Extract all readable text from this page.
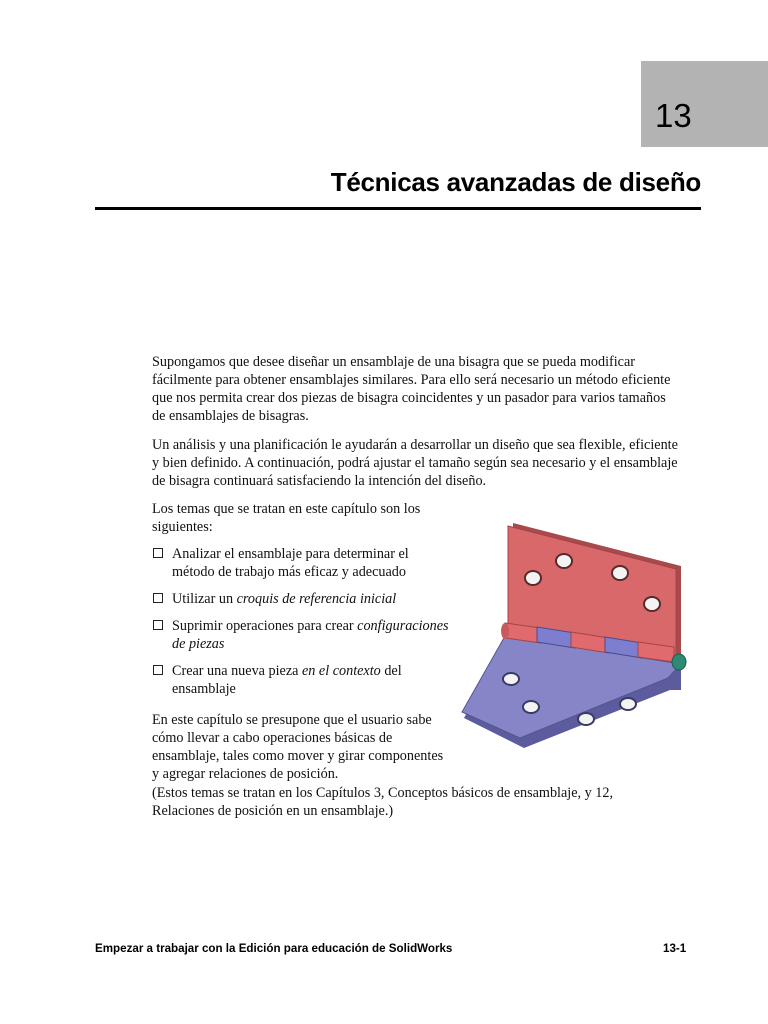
13
Técnicas avanzadas de diseño

Supongamos que desee diseñar un ensamblaje de una bisagra que se pueda modificar fácilmente para obtener ensamblajes similares. Para ello será necesario un método eficiente que nos permita crear dos piezas de bisagra coincidentes y un pasador para varios tamaños de ensamblajes de bisagras.

Un análisis y una planificación le ayudarán a desarrollar un diseño que sea flexible, eficiente y bien definido. A continuación, podrá ajustar el tamaño según sea necesario y el ensamblaje de bisagra continuará satisfaciendo la intención del diseño.

Los temas que se tratan en este capítulo son los siguientes:

Analizar el ensamblaje para determinar el método de trabajo más eficaz y adecuado
Utilizar un croquis de referencia inicial
Suprimir operaciones para crear configuraciones de piezas
Crear una nueva pieza en el contexto del ensamblaje

En este capítulo se presupone que el usuario sabe cómo llevar a cabo operaciones básicas de ensamblaje, tales como mover y girar componentes y agregar relaciones de posición.

(Estos temas se tratan en los Capítulos 3, Conceptos básicos de ensamblaje, y 12, Relaciones de posición en un ensamblaje.)

Empezar a trabajar con la Edición para educación de SolidWorks	13-1
